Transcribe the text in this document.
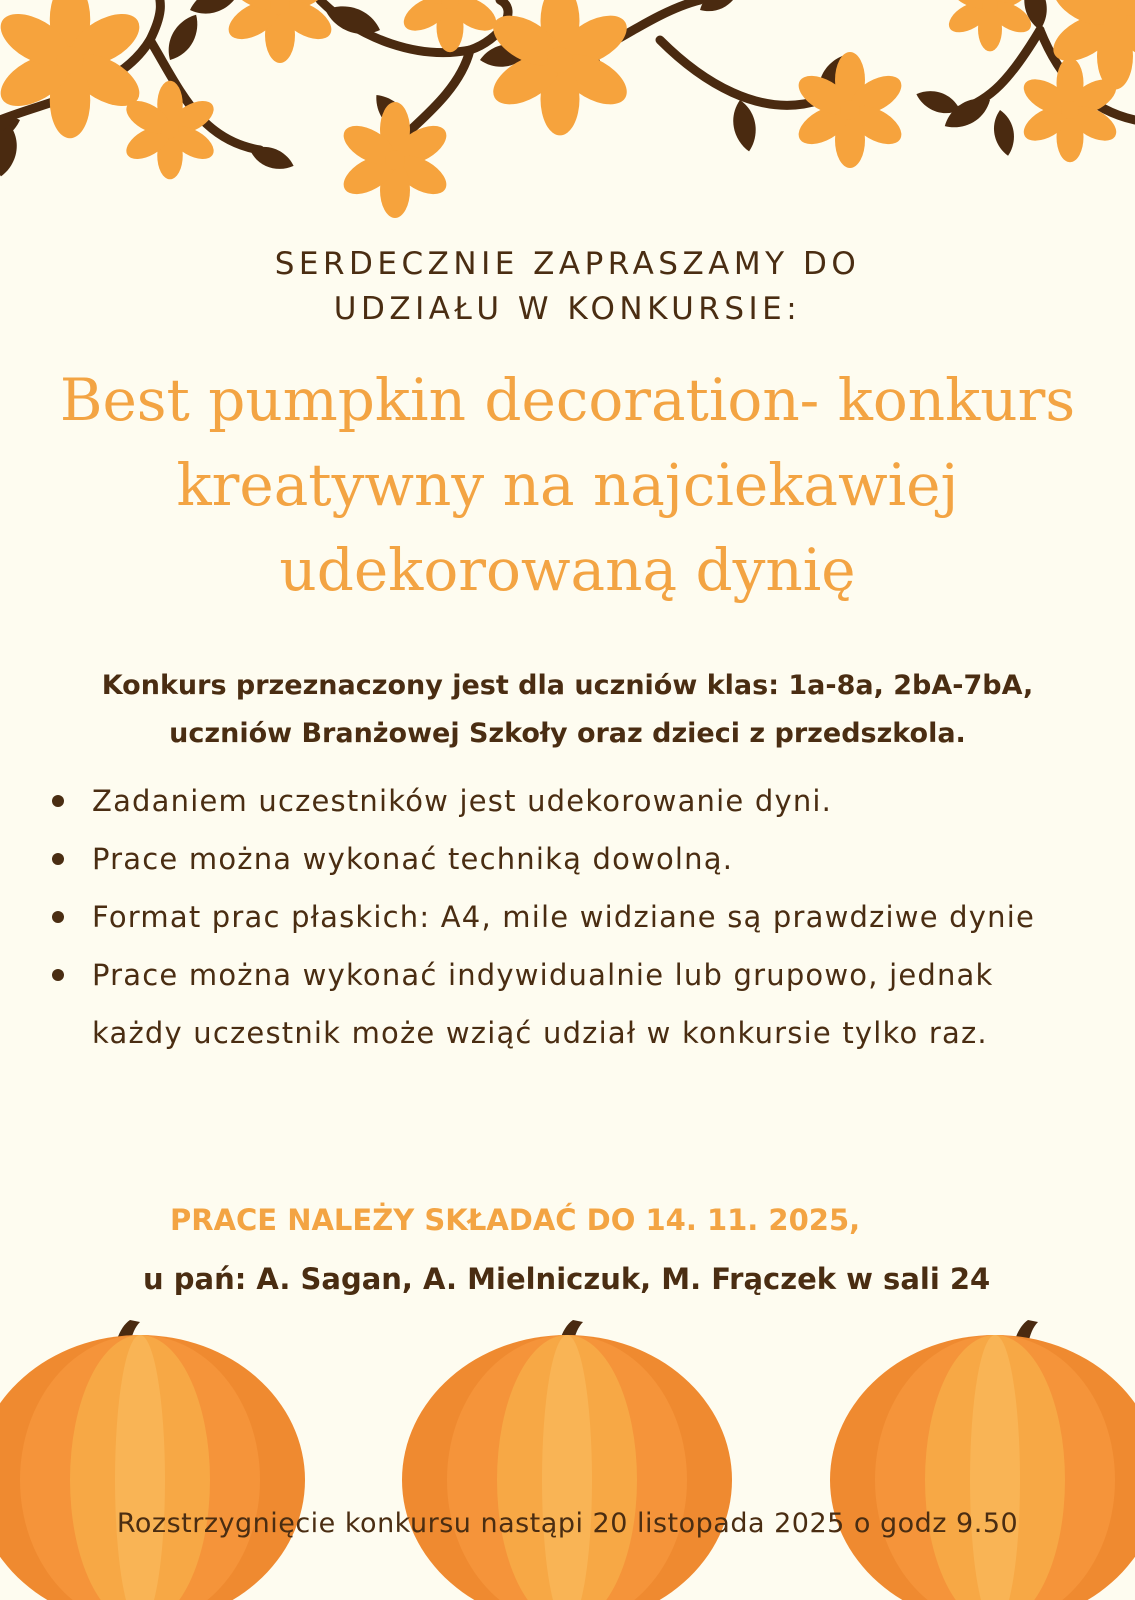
SERDECZNIE ZAPRASZAMY DO

UDZIAŁU W KONKURSIE:

Best pumpkin decoration- konkurs
kreatywny na najciekawiej
udekorowaną dynię

Konkurs przeznaczony jest dla uczniów klas: 1a-8a, 2bA-7bA,

uczniów Branżowej Szkoły oraz dzieci z przedszkola.

Zadaniem uczestników jest udekorowanie dyni.
Prace można wykonać techniką dowolną.
Format prac płaskich: A4, mile widziane są prawdziwe dynie
Prace można wykonać indywidualnie lub grupowo, jednak każdy uczestnik może wziąć udział w konkursie tylko raz.

PRACE NALEŻY SKŁADAĆ DO 14. 11. 2025,

u pań: A. Sagan, A. Mielniczuk, M. Frączek w sali 24

Rozstrzygnięcie konkursu nastąpi 20 listopada 2025 o godz 9.50
